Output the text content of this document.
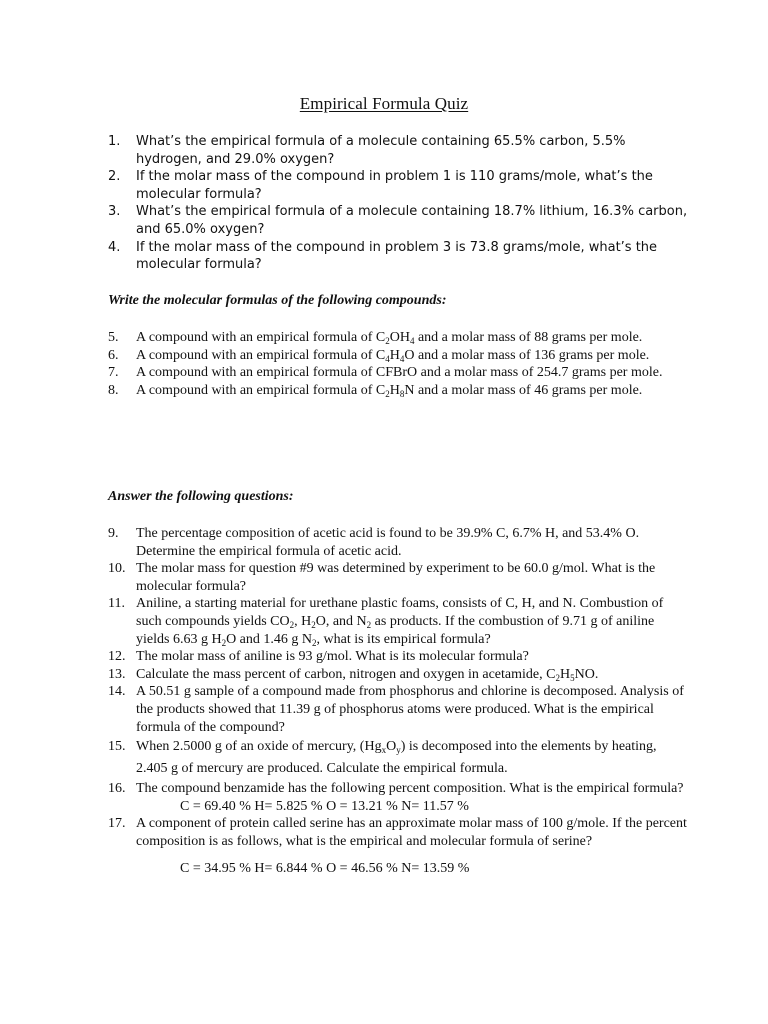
Empirical Formula Quiz
1.	What’s the empirical formula of a molecule containing 65.5% carbon, 5.5% hydrogen, and 29.0% oxygen?
2.	If the molar mass of the compound in problem 1 is 110 grams/mole, what’s the molecular formula?
3.	What’s the empirical formula of a molecule containing 18.7% lithium, 16.3% carbon, and 65.0% oxygen?
4.	If the molar mass of the compound in problem 3 is 73.8 grams/mole, what’s the molecular formula?
Write the molecular formulas of the following compounds:
5.	A compound with an empirical formula of $C_2OH_4$ and a molar mass of 88 grams per mole.
6.	A compound with an empirical formula of $C_4H_4O$ and a molar mass of 136 grams per mole.
7.	A compound with an empirical formula of CFBrO and a molar mass of 254.7 grams per mole.
8.	A compound with an empirical formula of $C_2H_8N$ and a molar mass of 46 grams per mole.
Answer the following questions:
9.	The percentage composition of acetic acid is found to be 39.9% C, 6.7% H, and 53.4% O. Determine the empirical formula of acetic acid.
10. The molar mass for question #9 was determined by experiment to be 60.0 g/mol. What is the molecular formula?
11. Aniline, a starting material for urethane plastic foams, consists of C, H, and N. Combustion of such compounds yields $CO_2$, $H_2O$, and $N_2$ as products. If the combustion of 9.71 g of aniline yields 6.63 g $H_2O$ and 1.46 g $N_2$, what is its empirical formula?
12. The molar mass of aniline is 93 g/mol. What is its molecular formula?
13. Calculate the mass percent of carbon, nitrogen and oxygen in acetamide, $C_2H_5NO$.
14. A 50.51 g sample of a compound made from phosphorus and chlorine is decomposed. Analysis of the products showed that 11.39 g of phosphorus atoms were produced. What is the empirical formula of the compound?
15. When 2.5000 g of an oxide of mercury, $(Hg_xO_y)$ is decomposed into the elements by heating, 2.405 g of mercury are produced. Calculate the empirical formula.
16. The compound benzamide has the following percent composition. What is the empirical formula?
C = 69.40 % H= 5.825 % O = 13.21 % N= 11.57 %
17. A component of protein called serine has an approximate molar mass of 100 g/mole. If the percent composition is as follows, what is the empirical and molecular formula of serine?
C = 34.95 % H= 6.844 % O = 46.56 % N= 13.59 %
